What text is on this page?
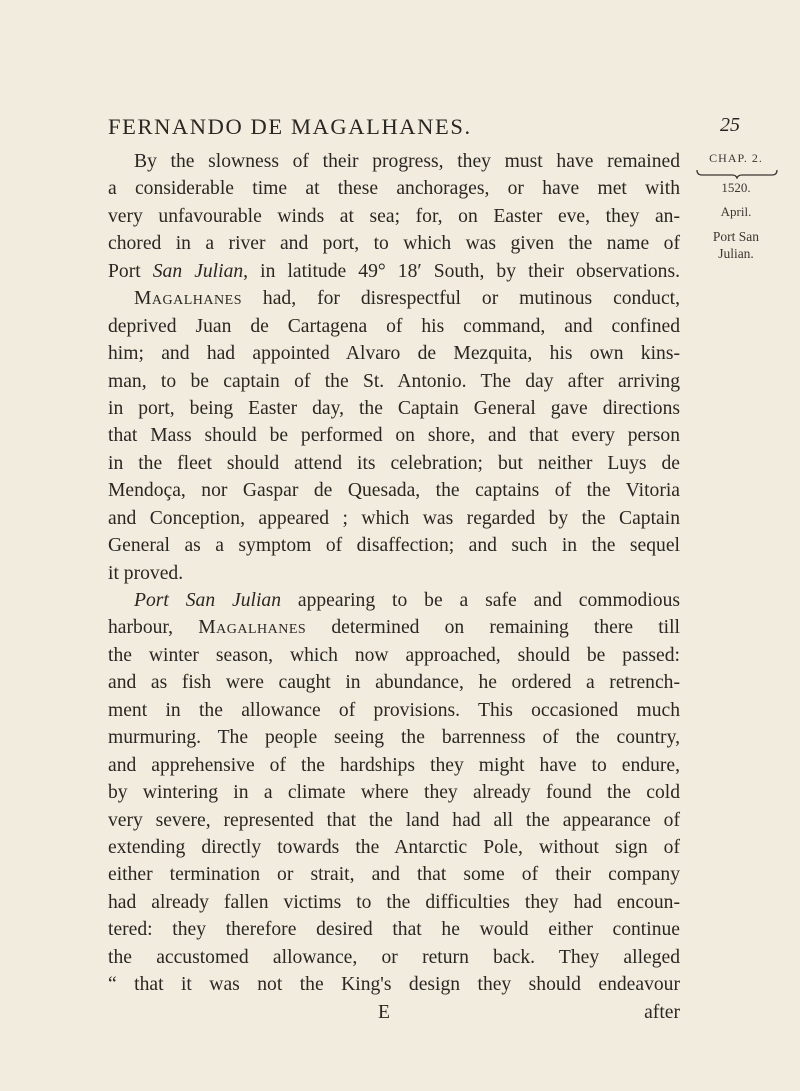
FERNANDO DE MAGALHANES.	25
CHAP. 2.
1520.
April.
Port San
Julian.
By the slowness of their progress, they must have remained
a considerable time at these anchorages, or have met with
very unfavourable winds at sea; for, on Easter eve, they an-
chored in a river and port, to which was given the name of
Port San Julian, in latitude 49° 18′ South, by their observations.
Magalhanes had, for disrespectful or mutinous conduct,
deprived Juan de Cartagena of his command, and confined
him; and had appointed Alvaro de Mezquita, his own kins-
man, to be captain of the St. Antonio. The day after arriving
in port, being Easter day, the Captain General gave directions
that Mass should be performed on shore, and that every person
in the fleet should attend its celebration; but neither Luys de
Mendoça, nor Gaspar de Quesada, the captains of the Vitoria
and Conception, appeared ; which was regarded by the Captain
General as a symptom of disaffection; and such in the sequel
it proved.
Port San Julian appearing to be a safe and commodious
harbour, Magalhanes determined on remaining there till
the winter season, which now approached, should be passed:
and as fish were caught in abundance, he ordered a retrench-
ment in the allowance of provisions. This occasioned much
murmuring. The people seeing the barrenness of the country,
and apprehensive of the hardships they might have to endure,
by wintering in a climate where they already found the cold
very severe, represented that the land had all the appearance of
extending directly towards the Antarctic Pole, without sign of
either termination or strait, and that some of their company
had already fallen victims to the difficulties they had encoun-
tered: they therefore desired that he would either continue
the accustomed allowance, or return back. They alleged
“ that it was not the King's design they should endeavour
E	after
